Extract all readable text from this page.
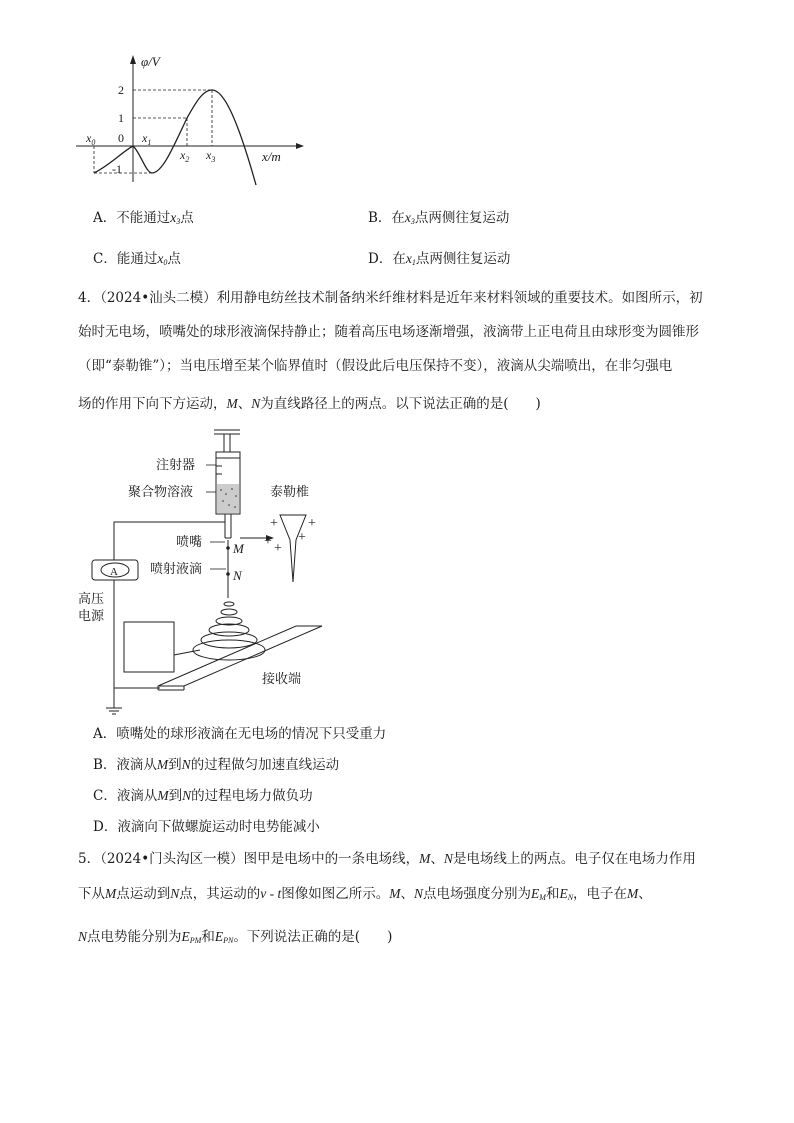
φ/V
x/m
2
1
-1
0
$x_0$	$x_1$
$x_2$ $x_3$
A．不能通过$x_3$点	B．在$x_3$点两侧往复运动
C．能通过$x_0$点	D．在$x_1$点两侧往复运动
4．（2024•汕头二模）利用静电纺丝技术制备纳米纤维材料是近年来材料领域的重要技术。如图所示，初
始时无电场，喷嘴处的球形液滴保持静止；随着高压电场逐渐增强，液滴带上正电荷且由球形变为圆锥形
（即“泰勒锥”）；当电压增至某个临界值时（假设此后电压保持不变），液滴从尖端喷出，在非匀强电
场的作用下向下方运动，M、N为直线路径上的两点。以下说法正确的是(　　)
+ +
+ +
+
注射器
聚合物溶液
喷嘴
喷射液滴
泰勒椎
高压
电源
A
接收端
M
N
A．喷嘴处的球形液滴在无电场的情况下只受重力
B．液滴从M到N的过程做匀加速直线运动
C．液滴从M到N的过程电场力做负功
D．液滴向下做螺旋运动时电势能减小
5．（2024•门头沟区一模）图甲是电场中的一条电场线，M、N是电场线上的两点。电子仅在电场力作用
下从M点运动到N点，其运动的v - t图像如图乙所示。M、N点电场强度分别为$E_M$和$E_N$，电子在M、
N点电势能分别为$E_{PM}$和$E_{PN}$。下列说法正确的是(　　)
